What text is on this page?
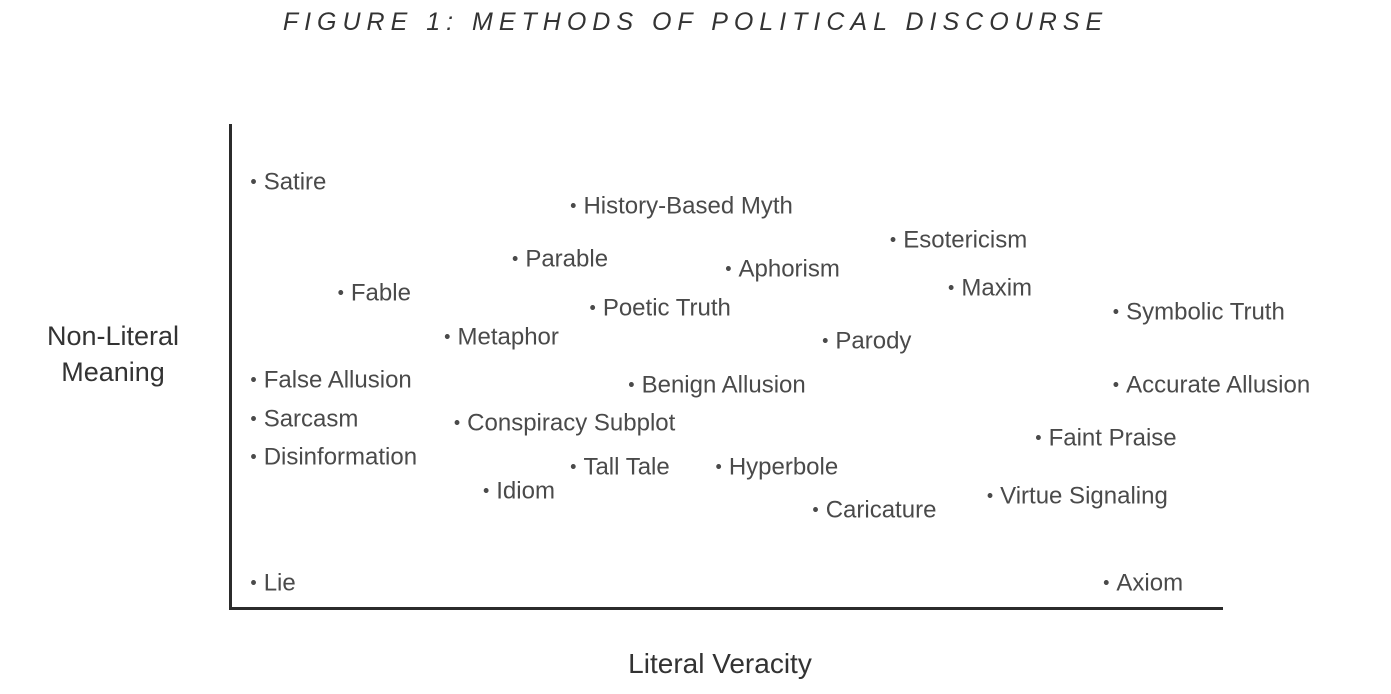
FIGURE 1: METHODS OF POLITICAL DISCOURSE
Non-Literal Meaning
Literal Veracity
• Satire
• History-Based Myth
• Esotericism
• Parable	• Aphorism
• Fable	• Maxim
• Poetic Truth	• Symbolic Truth
• Metaphor	• Parody
• False Allusion	• Benign Allusion	• Accurate Allusion
• Sarcasm	• Conspiracy Subplot
• Faint Praise
• Disinformation	• Tall Tale	• Hyperbole
• Idiom	• Virtue Signaling
• Caricature
• Lie	• Axiom
